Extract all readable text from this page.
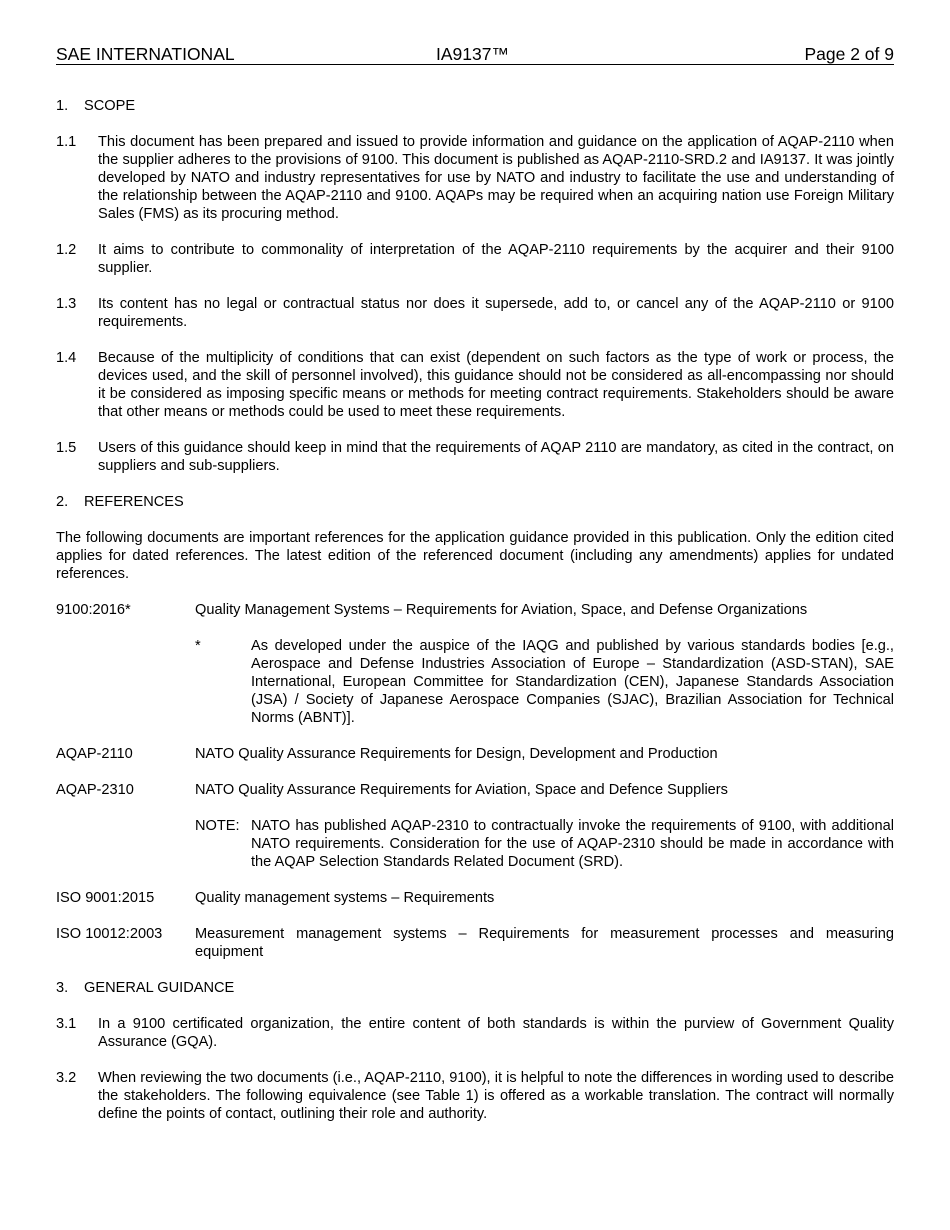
SAE INTERNATIONAL	IA9137™	Page 2 of 9
1. SCOPE
1.1 This document has been prepared and issued to provide information and guidance on the application of AQAP-2110 when the supplier adheres to the provisions of 9100. This document is published as AQAP-2110-SRD.2 and IA9137. It was jointly developed by NATO and industry representatives for use by NATO and industry to facilitate the use and understanding of the relationship between the AQAP-2110 and 9100. AQAPs may be required when an acquiring nation use Foreign Military Sales (FMS) as its procuring method.

1.2 It aims to contribute to commonality of interpretation of the AQAP-2110 requirements by the acquirer and their 9100 supplier.

1.3 Its content has no legal or contractual status nor does it supersede, add to, or cancel any of the AQAP-2110 or 9100 requirements.

1.4 Because of the multiplicity of conditions that can exist (dependent on such factors as the type of work or process, the devices used, and the skill of personnel involved), this guidance should not be considered as all-encompassing nor should it be considered as imposing specific means or methods for meeting contract requirements. Stakeholders should be aware that other means or methods could be used to meet these requirements.

1.5 Users of this guidance should keep in mind that the requirements of AQAP 2110 are mandatory, as cited in the contract, on suppliers and sub-suppliers.

2. REFERENCES

The following documents are important references for the application guidance provided in this publication. Only the edition cited applies for dated references. The latest edition of the referenced document (including any amendments) applies for undated references.

9100:2016*	Quality Management Systems – Requirements for Aviation, Space, and Defense Organizations

*	As developed under the auspice of the IAQG and published by various standards bodies [e.g., Aerospace and Defense Industries Association of Europe – Standardization (ASD-STAN), SAE International, European Committee for Standardization (CEN), Japanese Standards Association (JSA) / Society of Japanese Aerospace Companies (SJAC), Brazilian Association for Technical Norms (ABNT)].

AQAP-2110	NATO Quality Assurance Requirements for Design, Development and Production

AQAP-2310	NATO Quality Assurance Requirements for Aviation, Space and Defence Suppliers

NOTE: NATO has published AQAP-2310 to contractually invoke the requirements of 9100, with additional NATO requirements. Consideration for the use of AQAP-2310 should be made in accordance with the AQAP Selection Standards Related Document (SRD).

ISO 9001:2015	Quality management systems – Requirements

ISO 10012:2003 Measurement management systems – Requirements for measurement processes and measuring equipment

3. GENERAL GUIDANCE
3.1 In a 9100 certificated organization, the entire content of both standards is within the purview of Government Quality Assurance (GQA).

3.2 When reviewing the two documents (i.e., AQAP-2110, 9100), it is helpful to note the differences in wording used to describe the stakeholders. The following equivalence (see Table 1) is offered as a workable translation. The contract will normally define the points of contact, outlining their role and authority.
